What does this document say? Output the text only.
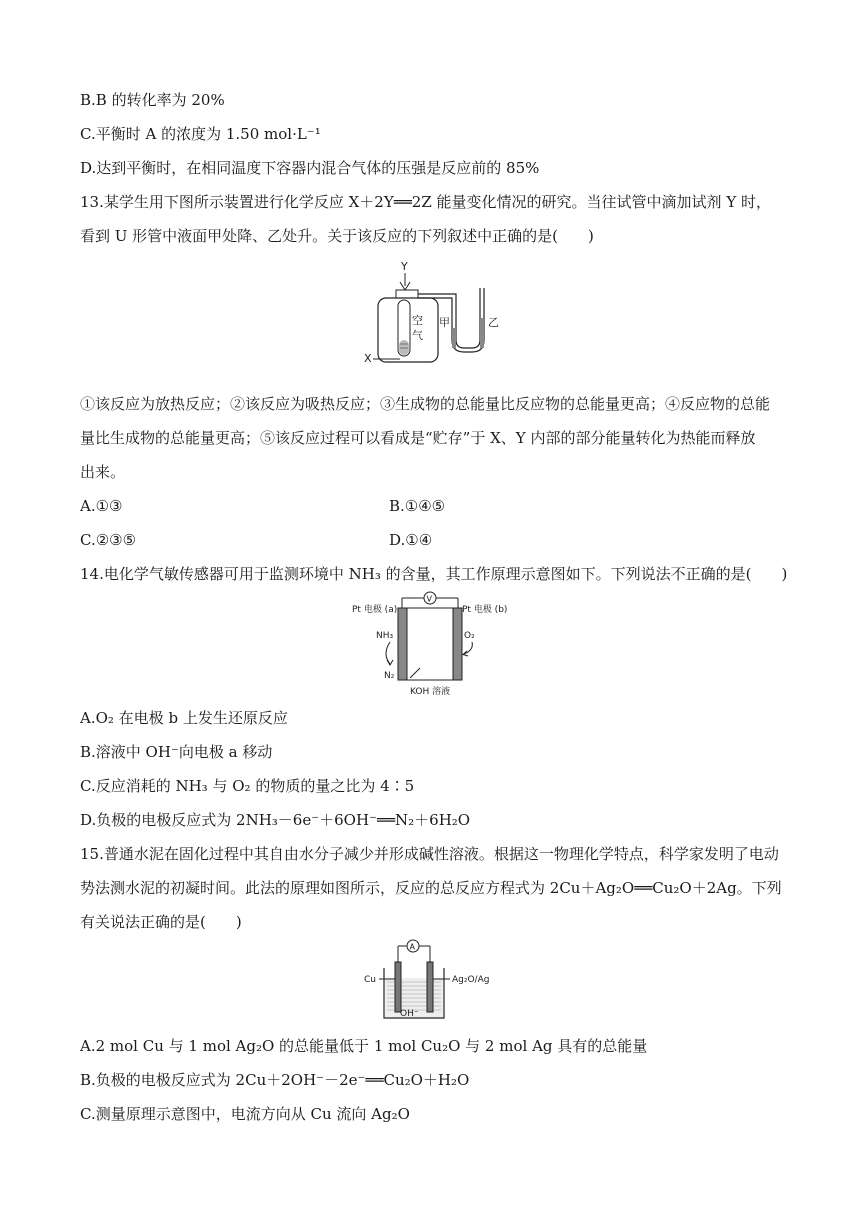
B.B 的转化率为 20%
C.平衡时 A 的浓度为 1.50 mol·L⁻¹
D.达到平衡时，在相同温度下容器内混合气体的压强是反应前的 85%
13.某学生用下图所示装置进行化学反应 X＋2Y══2Z 能量变化情况的研究。当往试管中滴加试剂 Y 时，
看到 U 形管中液面甲处降、乙处升。关于该反应的下列叙述中正确的是(　　)
Y
空
气
X
甲	乙
①该反应为放热反应；②该反应为吸热反应；③生成物的总能量比反应物的总能量更高；④反应物的总能
量比生成物的总能量更高；⑤该反应过程可以看成是“贮存”于 X、Y 内部的部分能量转化为热能而释放
出来。
A.①③	B.①④⑤
C.②③⑤	D.①④
14.电化学气敏传感器可用于监测环境中 NH₃ 的含量，其工作原理示意图如下。下列说法不正确的是(　　)
V
Pt 电极 (a)	Pt 电极 (b)
NH₃
N₂
O₂
KOH 溶液
A.O₂ 在电极 b 上发生还原反应
B.溶液中 OH⁻向电极 a 移动
C.反应消耗的 NH₃ 与 O₂ 的物质的量之比为 4∶5
D.负极的电极反应式为 2NH₃－6e⁻＋6OH⁻══N₂＋6H₂O
15.普通水泥在固化过程中其自由水分子减少并形成碱性溶液。根据这一物理化学特点，科学家发明了电动
势法测水泥的初凝时间。此法的原理如图所示，反应的总反应方程式为 2Cu＋Ag₂O══Cu₂O＋2Ag。下列
有关说法正确的是(　　)
A
Cu	Ag₂O/Ag
OH⁻
A.2 mol Cu 与 1 mol Ag₂O 的总能量低于 1 mol Cu₂O 与 2 mol Ag 具有的总能量
B.负极的电极反应式为 2Cu＋2OH⁻－2e⁻══Cu₂O＋H₂O
C.测量原理示意图中，电流方向从 Cu 流向 Ag₂O
